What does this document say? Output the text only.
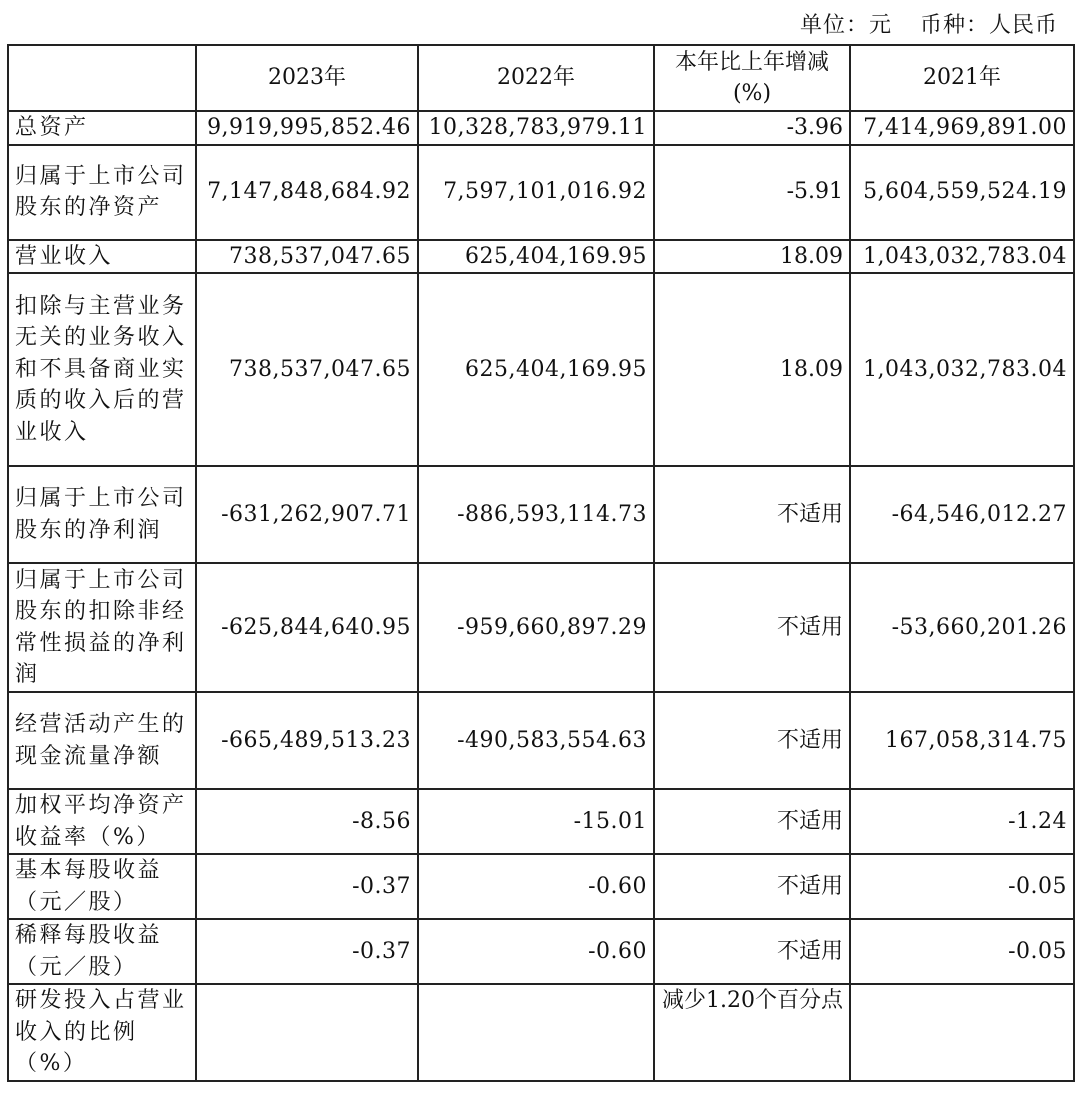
单位：元 币种：人民币
	2023年	2022年	本年比上年增减(%)	2021年
总资产	9,919,995,852.46	10,328,783,979.11	-3.96	7,414,969,891.00
归属于上市公司股东的净资产	7,147,848,684.92	7,597,101,016.92	-5.91	5,604,559,524.19
营业收入	738,537,047.65	625,404,169.95	18.09	1,043,032,783.04
扣除与主营业务无关的业务收入和不具备商业实质的收入后的营业收入	738,537,047.65	625,404,169.95	18.09	1,043,032,783.04
归属于上市公司股东的净利润	-631,262,907.71	-886,593,114.73	不适用	-64,546,012.27
归属于上市公司股东的扣除非经常性损益的净利润	-625,844,640.95	-959,660,897.29	不适用	-53,660,201.26
经营活动产生的现金流量净额	-665,489,513.23	-490,583,554.63	不适用	167,058,314.75
加权平均净资产收益率（%）	-8.56	-15.01	不适用	-1.24
基本每股收益（元／股）	-0.37	-0.60	不适用	-0.05
稀释每股收益（元／股）	-0.37	-0.60	不适用	-0.05
研发投入占营业收入的比例（%）			减少1.20个百分点	
